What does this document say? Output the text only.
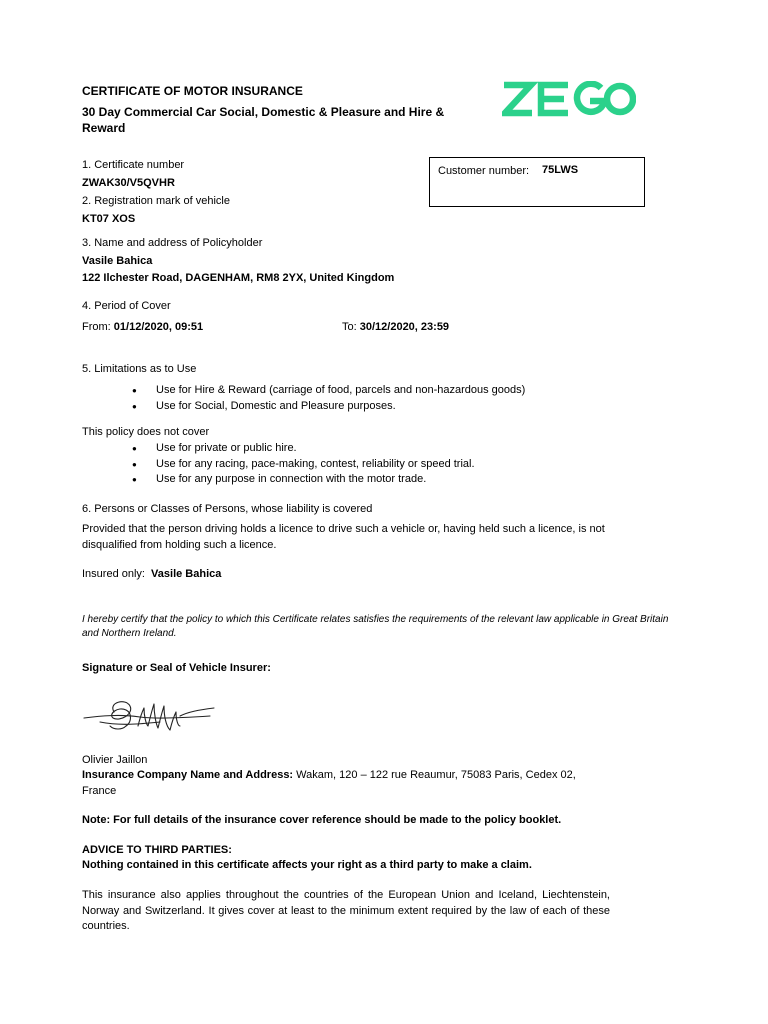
CERTIFICATE OF MOTOR INSURANCE
30 Day Commercial Car Social, Domestic & Pleasure and Hire &
Reward
1. Certificate number
ZWAK30/V5QVHR
Customer number: 75LWS
2. Registration mark of vehicle
KT07 XOS
3. Name and address of Policyholder
Vasile Bahica
122 Ilchester Road, DAGENHAM, RM8 2YX, United Kingdom
4. Period of Cover
From: 01/12/2020, 09:51	To: 30/12/2020, 23:59
5. Limitations as to Use
● Use for Hire & Reward (carriage of food, parcels and non-hazardous goods)
● Use for Social, Domestic and Pleasure purposes.
This policy does not cover
● Use for private or public hire.
● Use for any racing, pace-making, contest, reliability or speed trial.
● Use for any purpose in connection with the motor trade.
6. Persons or Classes of Persons, whose liability is covered
Provided that the person driving holds a licence to drive such a vehicle or, having held such a licence, is not disqualified from holding such a licence.
Insured only: Vasile Bahica
I hereby certify that the policy to which this Certificate relates satisfies the requirements of the relevant law applicable in Great Britain and Northern Ireland.
Signature or Seal of Vehicle Insurer:
Olivier Jaillon
Insurance Company Name and Address: Wakam, 120 – 122 rue Reaumur, 75083 Paris, Cedex 02,
France
Note: For full details of the insurance cover reference should be made to the policy booklet.
ADVICE TO THIRD PARTIES:
Nothing contained in this certificate affects your right as a third party to make a claim.
This insurance also applies throughout the countries of the European Union and Iceland, Liechtenstein, Norway and Switzerland. It gives cover at least to the minimum extent required by the law of each of these countries.
